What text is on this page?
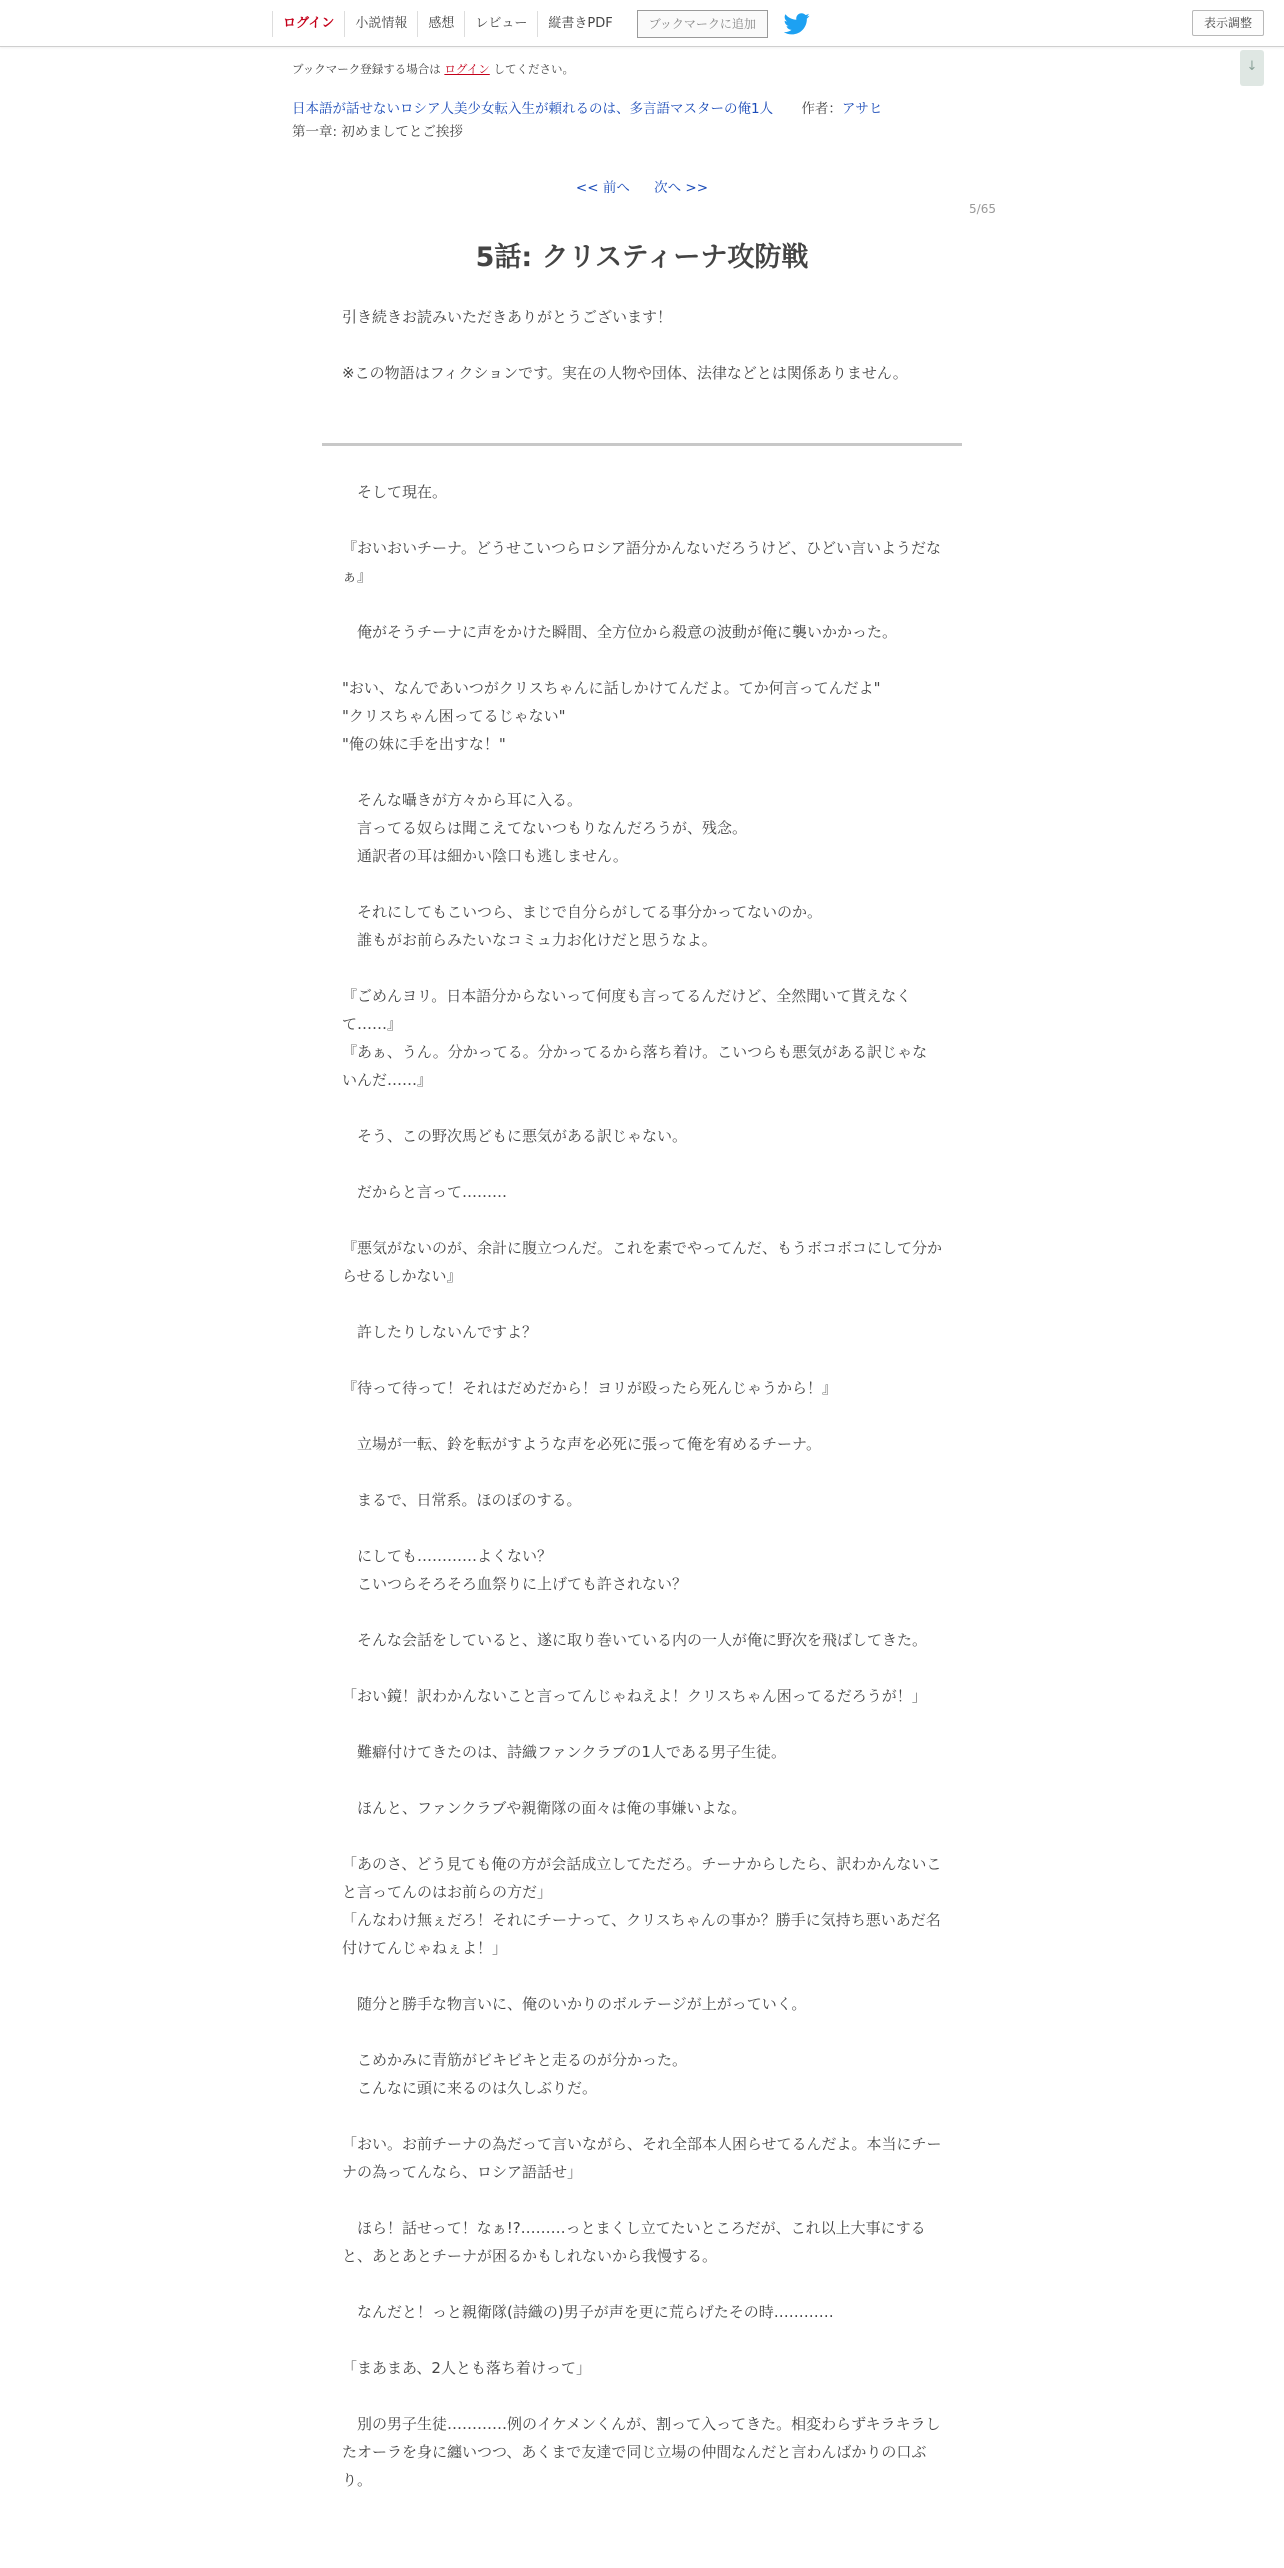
ログイン	小説情報	感想	レビュー	縦書きPDF	ブックマークに追加	表示調整
↓
ブックマーク登録する場合は ログイン してください。
日本語が話せないロシア人美少女転入生が頼れるのは、多言語マスターの俺1人 作者：アサヒ
第一章: 初めましてとご挨拶
<< 前へ 次へ >>
5/65
5話: クリスティーナ攻防戦

引き続きお読みいただきありがとうございます！

※この物語はフィクションです。実在の人物や団体、法律などとは関係ありません。

　そして現在。
『おいおいチーナ。どうせこいつらロシア語分かんないだろうけど、ひどい言いようだなぁ』
　俺がそうチーナに声をかけた瞬間、全方位から殺意の波動が俺に襲いかかった。
"おい、なんであいつがクリスちゃんに話しかけてんだよ。てか何言ってんだよ"
"クリスちゃん困ってるじゃない"
"俺の妹に手を出すな！"
　そんな囁きが方々から耳に入る。
　言ってる奴らは聞こえてないつもりなんだろうが、残念。
　通訳者の耳は細かい陰口も逃しません。
　それにしてもこいつら、まじで自分らがしてる事分かってないのか。
　誰もがお前らみたいなコミュ力お化けだと思うなよ。
『ごめんヨリ。日本語分からないって何度も言ってるんだけど、全然聞いて貰えなくて……』
『あぁ、うん。分かってる。分かってるから落ち着け。こいつらも悪気がある訳じゃないんだ……』
　そう、この野次馬どもに悪気がある訳じゃない。
　だからと言って………
『悪気がないのが、余計に腹立つんだ。これを素でやってんだ、もうボコボコにして分からせるしかない』
　許したりしないんですよ？
『待って待って！それはだめだから！ヨリが殴ったら死んじゃうから！』
　立場が一転、鈴を転がすような声を必死に張って俺を宥めるチーナ。
　まるで、日常系。ほのぼのする。
　にしても…………よくない？
　こいつらそろそろ血祭りに上げても許されない？
　そんな会話をしていると、遂に取り巻いている内の一人が俺に野次を飛ばしてきた。
「おい鏡！訳わかんないこと言ってんじゃねえよ！クリスちゃん困ってるだろうが！」
　難癖付けてきたのは、詩織ファンクラブの1人である男子生徒。
　ほんと、ファンクラブや親衛隊の面々は俺の事嫌いよな。
「あのさ、どう見ても俺の方が会話成立してただろ。チーナからしたら、訳わかんないこと言ってんのはお前らの方だ」
「んなわけ無ぇだろ！それにチーナって、クリスちゃんの事か？勝手に気持ち悪いあだ名付けてんじゃねぇよ！」
　随分と勝手な物言いに、俺のいかりのボルテージが上がっていく。
　こめかみに青筋がビキビキと走るのが分かった。
　こんなに頭に来るのは久しぶりだ。
「おい。お前チーナの為だって言いながら、それ全部本人困らせてるんだよ。本当にチーナの為ってんなら、ロシア語話せ」
　ほら！話せって！なぁ!?………っとまくし立てたいところだが、これ以上大事にすると、あとあとチーナが困るかもしれないから我慢する。
　なんだと！っと親衛隊(詩織の)男子が声を更に荒らげたその時…………
「まあまあ、2人とも落ち着けって」
　別の男子生徒…………例のイケメンくんが、割って入ってきた。相変わらずキラキラしたオーラを身に纏いつつ、あくまで友達で同じ立場の仲間なんだと言わんばかりの口ぶり。
